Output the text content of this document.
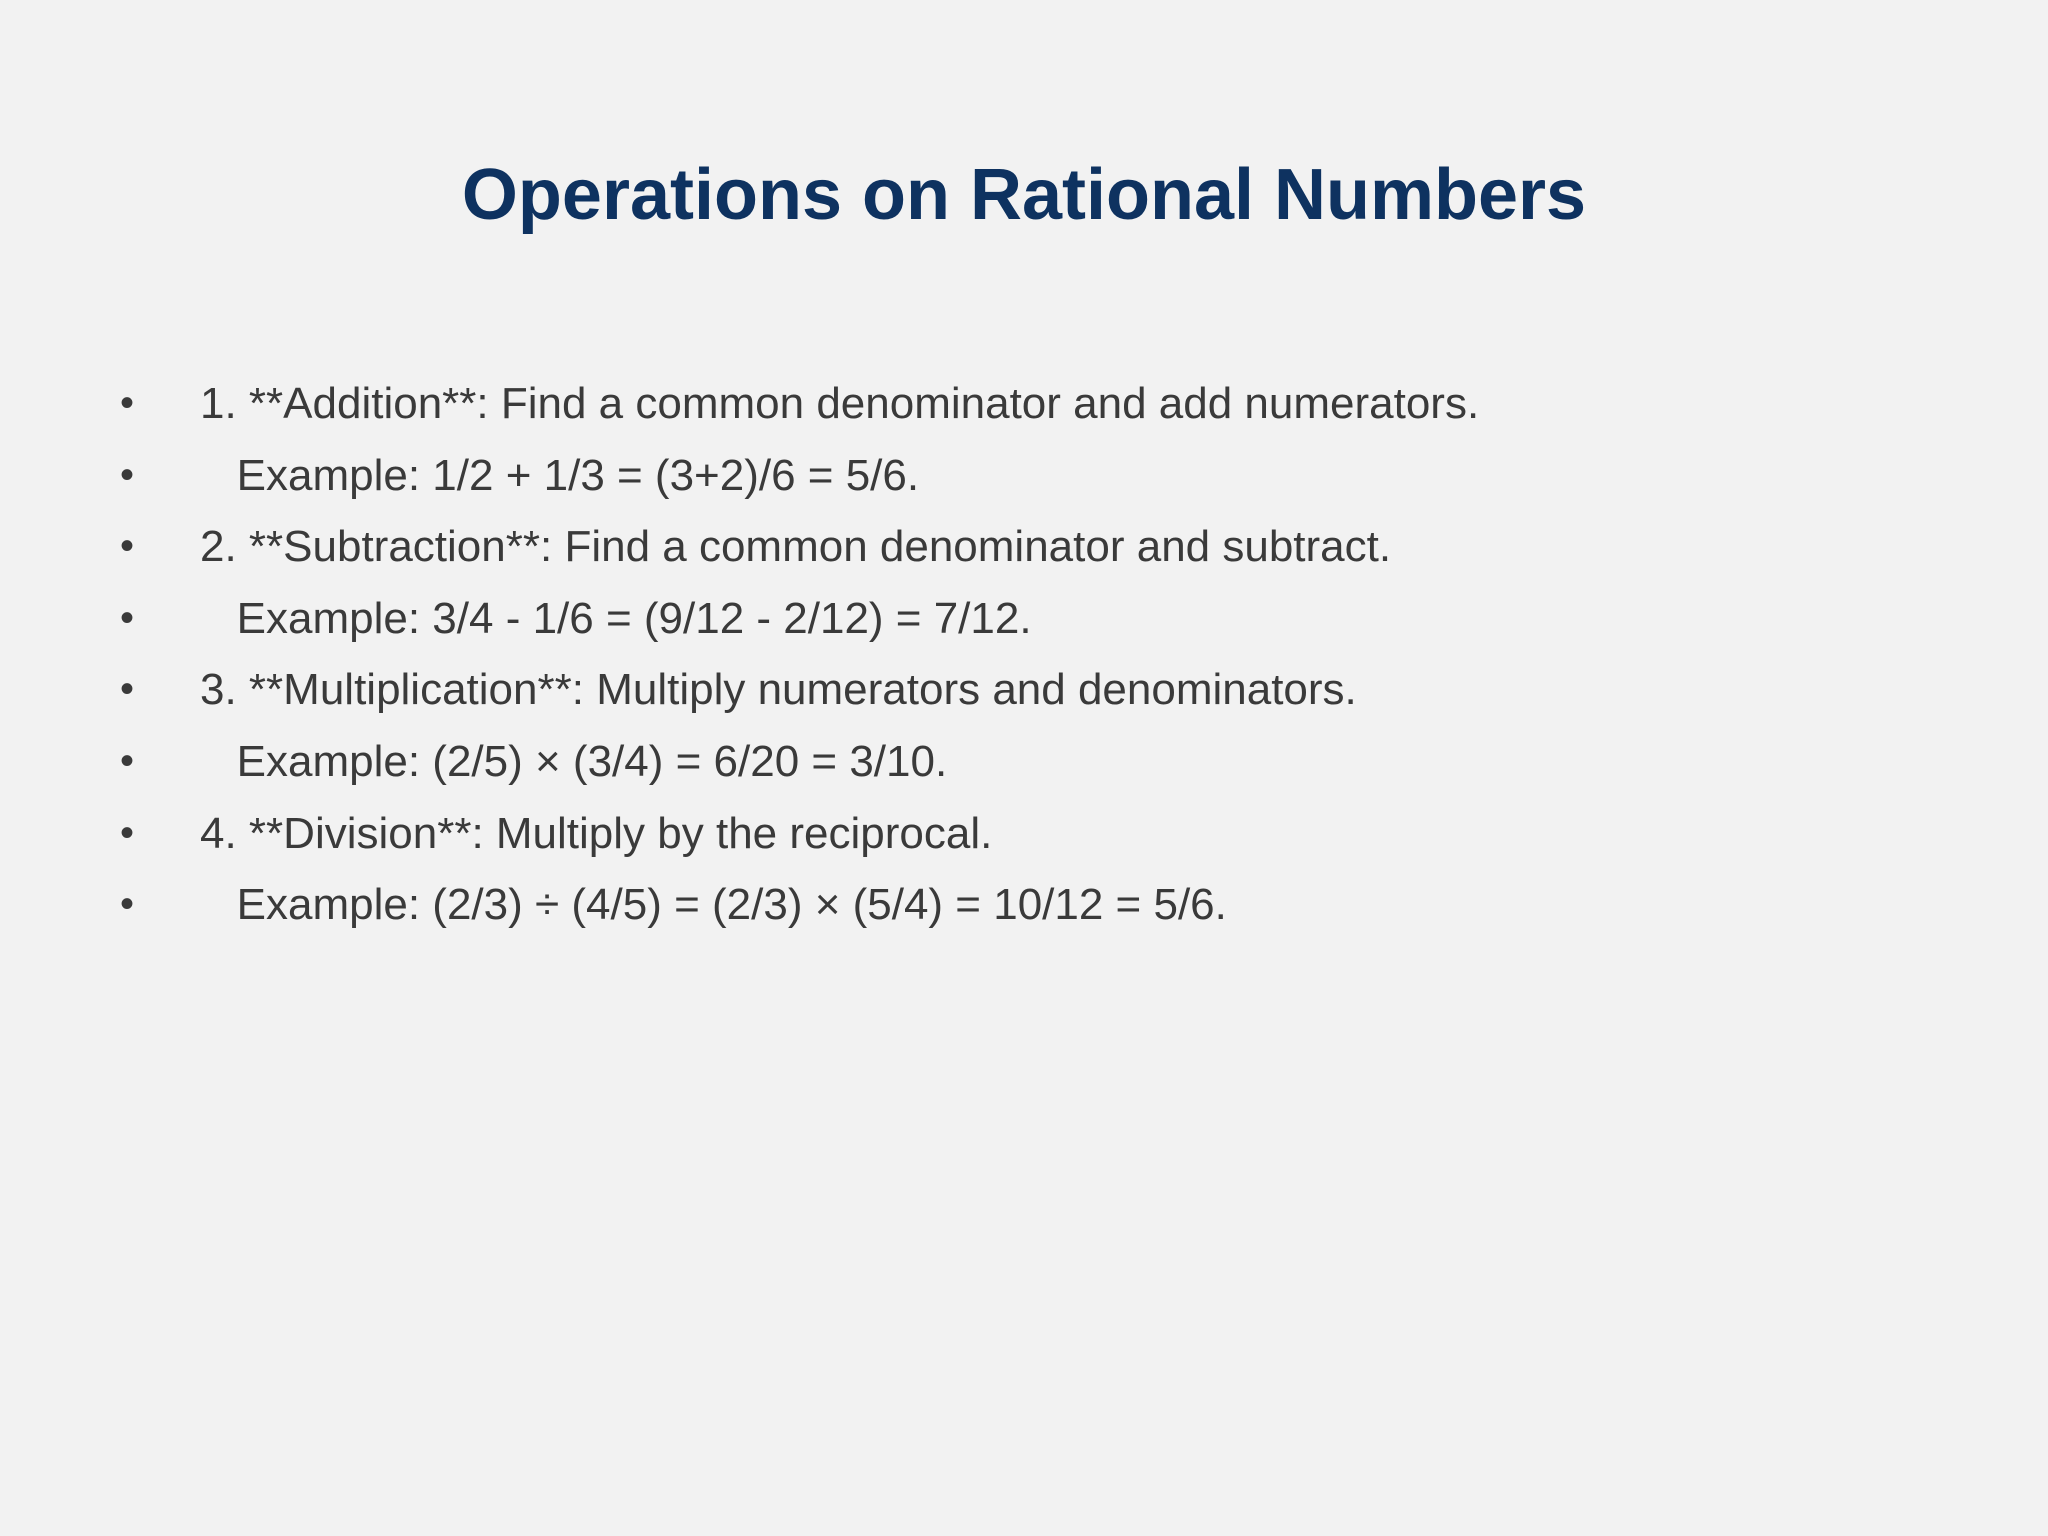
Operations on Rational Numbers
• 1. **Addition**: Find a common denominator and add numerators.
• Example: 1/2 + 1/3 = (3+2)/6 = 5/6.
• 2. **Subtraction**: Find a common denominator and subtract.
• Example: 3/4 - 1/6 = (9/12 - 2/12) = 7/12.
• 3. **Multiplication**: Multiply numerators and denominators.
• Example: (2/5) × (3/4) = 6/20 = 3/10.
• 4. **Division**: Multiply by the reciprocal.
• Example: (2/3) ÷ (4/5) = (2/3) × (5/4) = 10/12 = 5/6.
